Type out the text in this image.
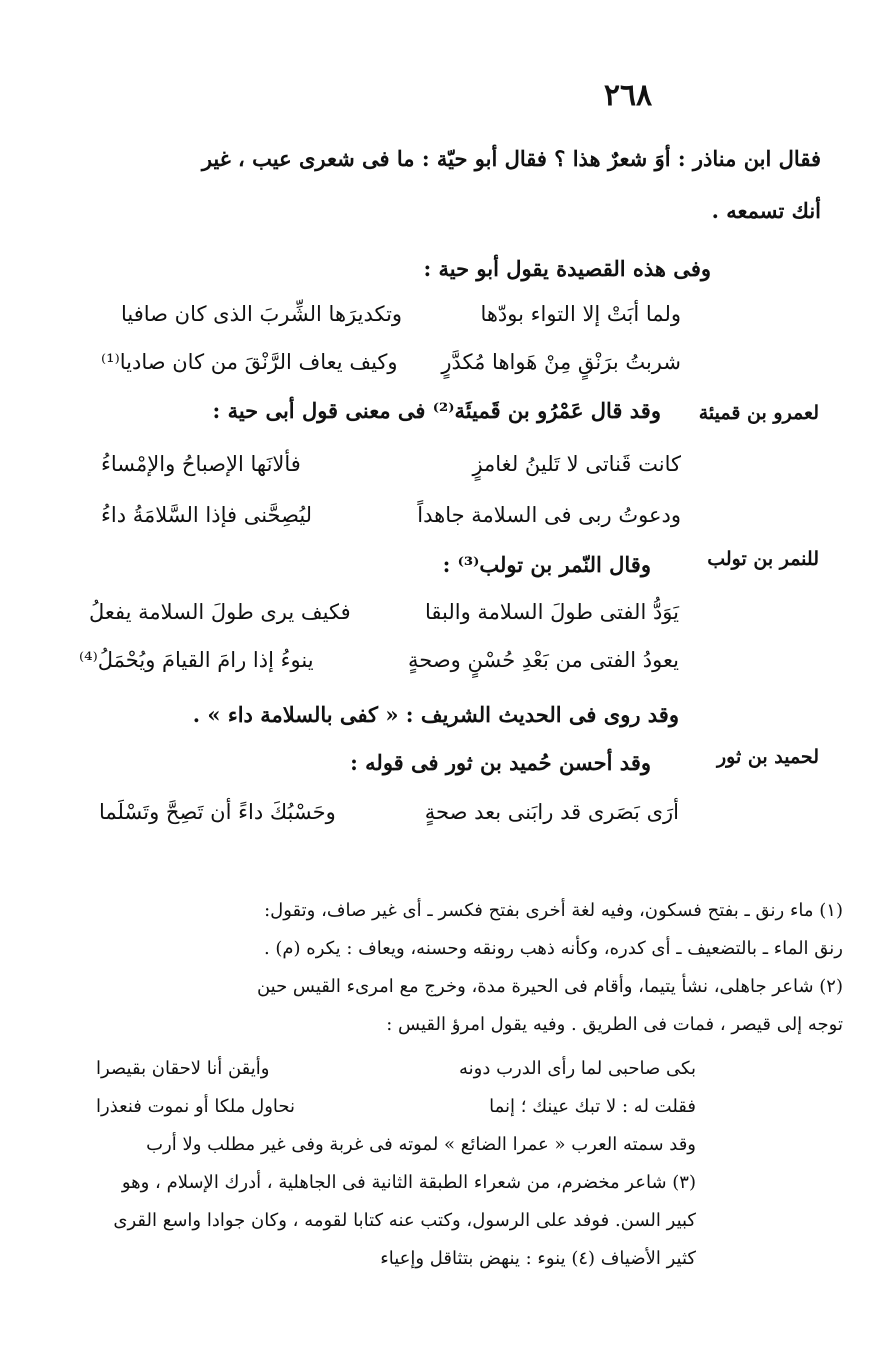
٢٦٨
فقال ابن مناذر : أوَ شعرٌ هذا ؟ فقال أبو حيّة : ما فى شعرى عيب ، غير
أنك تسمعه .
وفى هذه القصيدة يقول أبو حية :
ولما أبَتْ إلا التواء بودّها
وتكديرَها الشِّربَ الذى كان صافيا
شربتُ برَنْقٍ مِنْ هَواها مُكدَّرٍ
وكيف يعاف الرَّنْقَ من كان صاديا⁽¹⁾
لعمرو بن قميئة
وقد قال عَمْرُو بن قَميئَة⁽²⁾ فى معنى قول أبى حية :
كانت قَناتى لا تَلينُ لغامزٍ
فألانَها الإصباحُ والإمْساءُ
ودعوتُ ربى فى السلامة جاهداً
ليُصِحَّنى فإذا السَّلامَةُ داءُ
للنمر بن تولب
وقال النّمر بن تولب⁽³⁾ :
يَوَدُّ الفتى طولَ السلامة والبقا
فكيف يرى طولَ السلامة يفعلُ
يعودُ الفتى من بَعْدِ حُسْنٍ وصحةٍ
ينوءُ إذا رامَ القيامَ ويُحْمَلُ⁽⁴⁾
وقد روى فى الحديث الشريف : « كفى بالسلامة داء » .
لحميد بن ثور
وقد أحسن حُميد بن ثور فى قوله :
أرَى بَصَرى قد رابَنى بعد صحةٍ
وحَسْبُكَ داءً أن تَصِحَّ وتَسْلَما
(١) ماء رنق ـ بفتح فسكون، وفيه لغة أخرى بفتح فكسر ـ أى غير صاف، وتقول:
رنق الماء ـ بالتضعيف ـ أى كدره، وكأنه ذهب رونقه وحسنه، ويعاف : يكره (م) .
(٢) شاعر جاهلى، نشأ يتيما، وأقام فى الحيرة مدة، وخرج مع امرىء القيس حين
توجه إلى قيصر ، فمات فى الطريق . وفيه يقول امرؤ القيس :
بكى صاحبى لما رأى الدرب دونه
وأيقن أنا لاحقان بقيصرا
فقلت له : لا تبك عينك ؛ إنما
نحاول ملكا أو نموت فنعذرا
وقد سمته العرب « عمرا الضائع » لموته فى غربة وفى غير مطلب ولا أرب
(٣) شاعر مخضرم، من شعراء الطبقة الثانية فى الجاهلية ، أدرك الإسلام ، وهو
كبير السن. فوفد على الرسول، وكتب عنه كتابا لقومه ، وكان جوادا واسع القرى
كثير الأضياف (٤) ينوء : ينهض بتثاقل وإعياء
